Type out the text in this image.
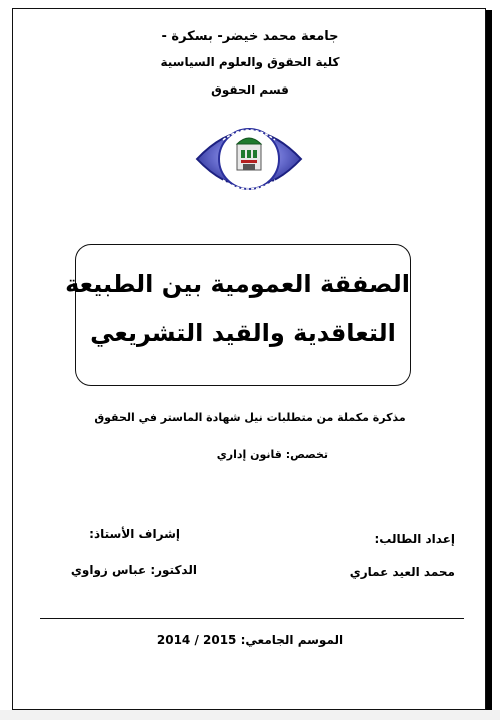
جامعة محمد خيضر- بسكرة -
كلية الحقوق والعلوم السياسية
قسم الحقوق
الصفقة العمومية بين الطبيعة
التعاقدية والقيد التشريعي
مذكرة مكملة من متطلبات نيل شهادة الماستر في الحقوق
تخصص: قانون إداري
إعداد الطالب:
محمد العيد عماري
إشراف الأستاذ:
الدكتور: عباس زواوي
الموسم الجامعي: 2014 / 2015
